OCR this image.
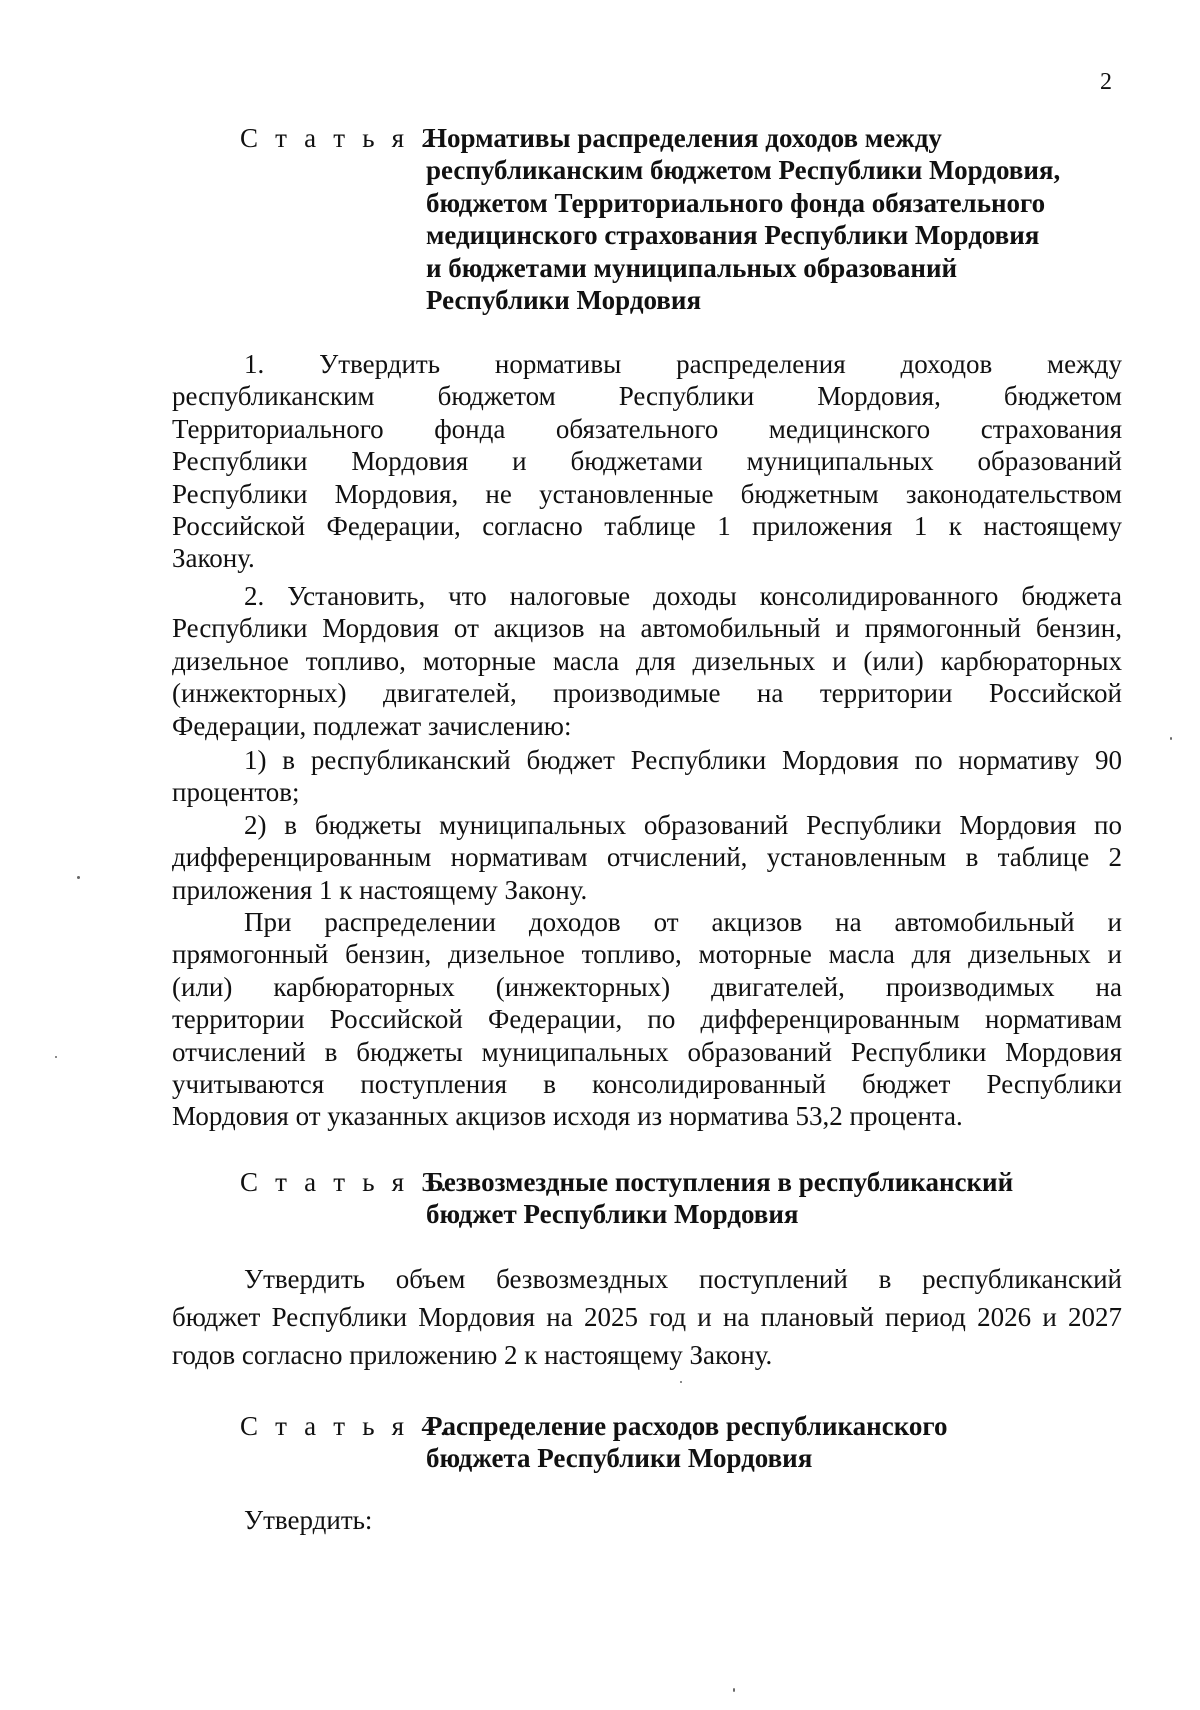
2
С т а т ь я 2.
Нормативы распределения доходов между
республиканским бюджетом Республики Мордовия,
бюджетом Территориального фонда обязательного
медицинского страхования Республики Мордовия
и бюджетами муниципальных образований
Республики Мордовия
1. Утвердить нормативы распределения доходов между
республиканским бюджетом Республики Мордовия, бюджетом
Территориального фонда обязательного медицинского страхования
Республики Мордовия и бюджетами муниципальных образований
Республики Мордовия, не установленные бюджетным законодательством
Российской Федерации, согласно таблице 1 приложения 1 к настоящему
Закону.
2. Установить, что налоговые доходы консолидированного бюджета
Республики Мордовия от акцизов на автомобильный и прямогонный бензин,
дизельное топливо, моторные масла для дизельных и (или) карбюраторных
(инжекторных) двигателей, производимые на территории Российской
Федерации, подлежат зачислению:
1) в республиканский бюджет Республики Мордовия по нормативу 90
процентов;
2) в бюджеты муниципальных образований Республики Мордовия по
дифференцированным нормативам отчислений, установленным в таблице 2
приложения 1 к настоящему Закону.
При распределении доходов от акцизов на автомобильный и
прямогонный бензин, дизельное топливо, моторные масла для дизельных и
(или) карбюраторных (инжекторных) двигателей, производимых на
территории Российской Федерации, по дифференцированным нормативам
отчислений в бюджеты муниципальных образований Республики Мордовия
учитываются поступления в консолидированный бюджет Республики
Мордовия от указанных акцизов исходя из норматива 53,2 процента.
С т а т ь я 3.
Безвозмездные поступления в республиканский
бюджет Республики Мордовия
Утвердить объем безвозмездных поступлений в республиканский
бюджет Республики Мордовия на 2025 год и на плановый период 2026 и 2027
годов согласно приложению 2 к настоящему Закону.
С т а т ь я 4.
Распределение расходов республиканского
бюджета Республики Мордовия
Утвердить:
